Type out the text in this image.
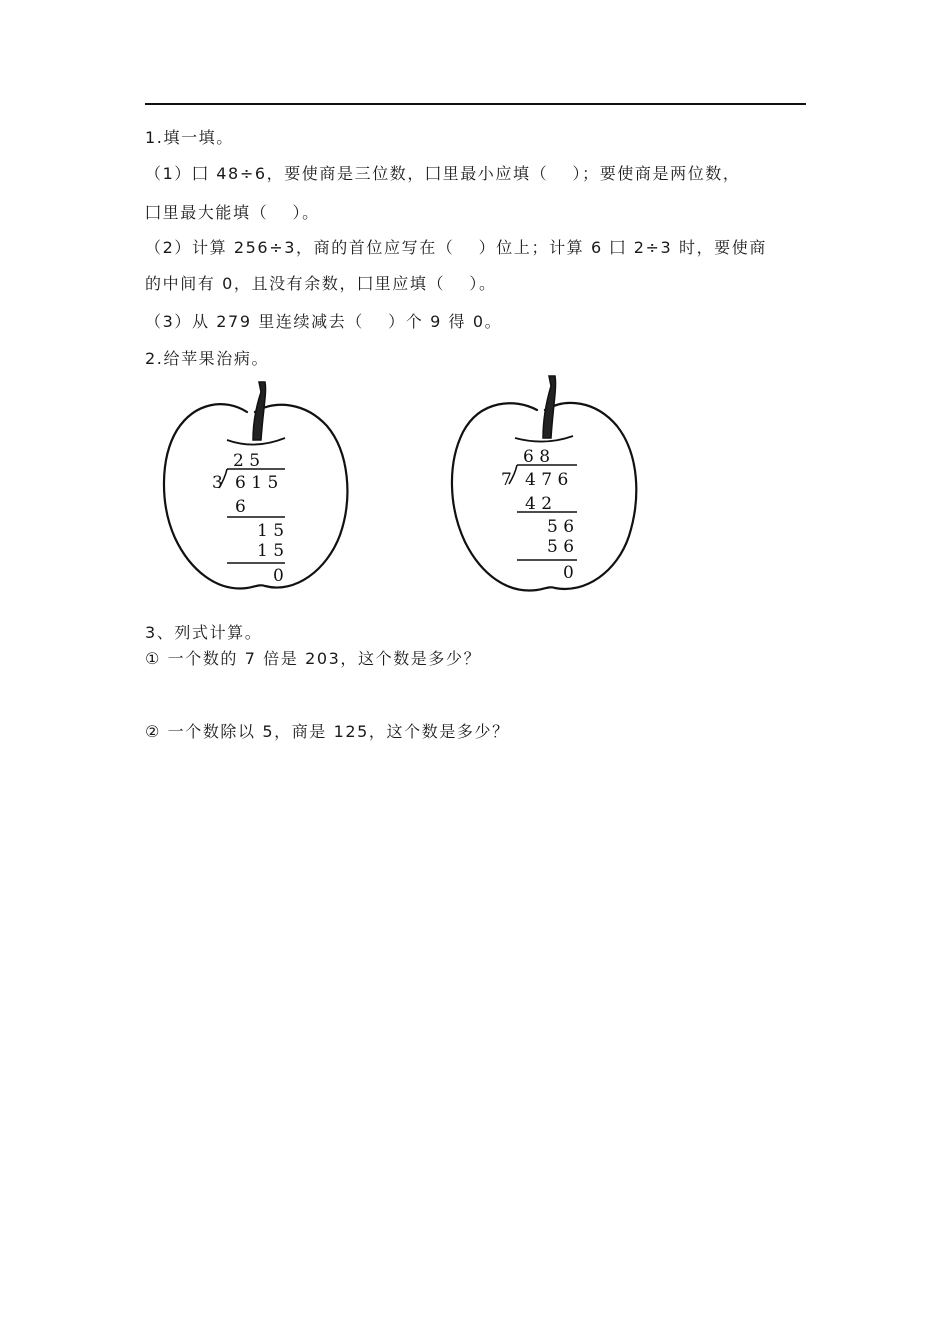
1.填一填。
（1）囗 48÷6，要使商是三位数，囗里最小应填（　 ）；要使商是两位数，
囗里最大能填（　 ）。
（2）计算 256÷3，商的首位应写在（　 ）位上；计算 6 囗 2÷3 时，要使商
的中间有 0，且没有余数，囗里应填（　 ）。
（3）从 279 里连续减去（　 ）个 9 得 0。
2.给苹果治病。
2 5
3 6 1 5
6
1 5
1 5
0
6 8
7 4 7 6
4 2
5 6
5 6
0
3、列式计算。
① 一个数的 7 倍是 203，这个数是多少？
② 一个数除以 5，商是 125，这个数是多少？
